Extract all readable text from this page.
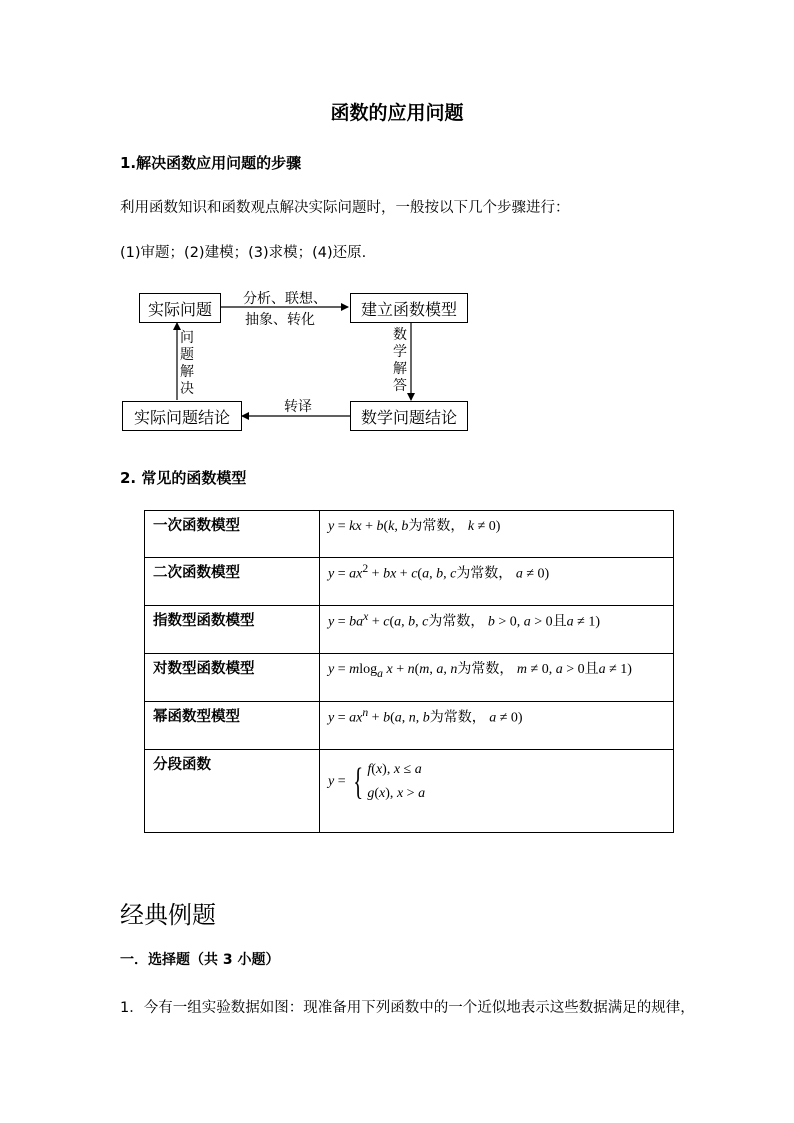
函数的应用问题
1.解决函数应用问题的步骤
利用函数知识和函数观点解决实际问题时，一般按以下几个步骤进行：
(1)审题；(2)建模；(3)求模；(4)还原.
实际问题	建立函数模型
数学问题结论
实际问题结论
分析、联想、
抽象、转化
转译
数
学
解
答
问
题
解
决
2. 常见的函数模型
一次函数模型	y = kx + b(k, b为常数， k ≠ 0)
二次函数模型	$y = ax^2$ + bx + c(a, b, c为常数， a ≠ 0)
指数型函数模型	$y = ba^x + c(a$, b, c为常数， b > 0, a > 0且a ≠ 1)
对数型函数模型	y = mlog$_a$ x + n(m, a, n为常数， m ≠ 0, a > 0且a ≠ 1)
幂函数型模型	$y = ax^n + b(a$, n, b为常数， a ≠ 0)
分段函数	y = { f(x), x ≤ a
g(x), x > a
经典例题
一．选择题（共 3 小题）
1．今有一组实验数据如图：现准备用下列函数中的一个近似地表示这些数据满足的规律，
